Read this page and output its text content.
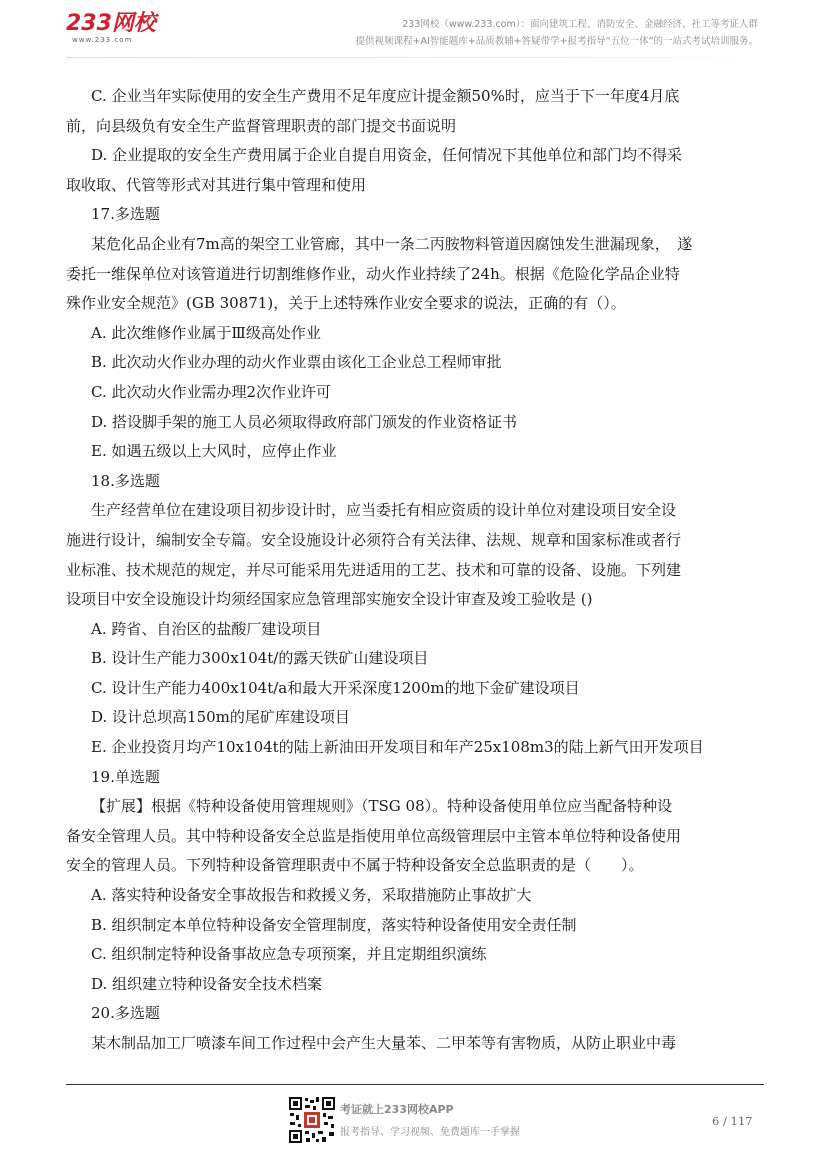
233网校
www.233.com
233网校（www.233.com）：面向建筑工程、消防安全、金融经济、社工等考证人群
提供视频课程+AI智能题库+品质教辅+答疑带学+报考指导“五位一体”的一站式考试培训服务。
C. 企业当年实际使用的安全生产费用不足年度应计提金额50%时，应当于下一年度4月底
前，向县级负有安全生产监督管理职责的部门提交书面说明
D. 企业提取的安全生产费用属于企业自提自用资金，任何情况下其他单位和部门均不得采
取收取、代管等形式对其进行集中管理和使用
17.多选题
某危化品企业有7m高的架空工业管廊，其中一条二丙胺物料管道因腐蚀发生泄漏现象，　遂
委托一维保单位对该管道进行切割维修作业，动火作业持续了24h。根据《危险化学品企业特
殊作业安全规范》(GB 30871)，关于上述特殊作业安全要求的说法，正确的有（）。
A. 此次维修作业属于Ⅲ级高处作业
B. 此次动火作业办理的动火作业票由该化工企业总工程师审批
C. 此次动火作业需办理2次作业许可
D. 搭设脚手架的施工人员必须取得政府部门颁发的作业资格证书
E. 如遇五级以上大风时，应停止作业
18.多选题
生产经营单位在建设项目初步设计时，应当委托有相应资质的设计单位对建设项目安全设
施进行设计，编制安全专篇。安全设施设计必须符合有关法律、法规、规章和国家标准或者行
业标准、技术规范的规定，并尽可能采用先进适用的工艺、技术和可靠的设备、设施。下列建
设项目中安全设施设计均须经国家应急管理部实施安全设计审查及竣工验收是 ()
A. 跨省、自治区的盐酸厂建设项目
B. 设计生产能力300x104t/的露天铁矿山建设项目
C. 设计生产能力400x104t/a和最大开采深度1200m的地下金矿建设项目
D. 设计总坝高150m的尾矿库建设项目
E. 企业投资月均产10x104t的陆上新油田开发项目和年产25x108m3的陆上新气田开发项目
19.单选题
【扩展】根据《特种设备使用管理规则》（TSG 08）。特种设备使用单位应当配备特种设
备安全管理人员。其中特种设备安全总监是指使用单位高级管理层中主管本单位特种设备使用
安全的管理人员。下列特种设备管理职责中不属于特种设备安全总监职责的是（　　）。
A. 落实特种设备安全事故报告和救援义务，采取措施防止事故扩大
B. 组织制定本单位特种设备安全管理制度，落实特种设备使用安全责任制
C. 组织制定特种设备事故应急专项预案，并且定期组织演练
D. 组织建立特种设备安全技术档案
20.多选题
某木制品加工厂喷漆车间工作过程中会产生大量苯、二甲苯等有害物质，从防止职业中毒
考证就上233网校APP
报考指导、学习视频、免费题库一手掌握
6 / 117
